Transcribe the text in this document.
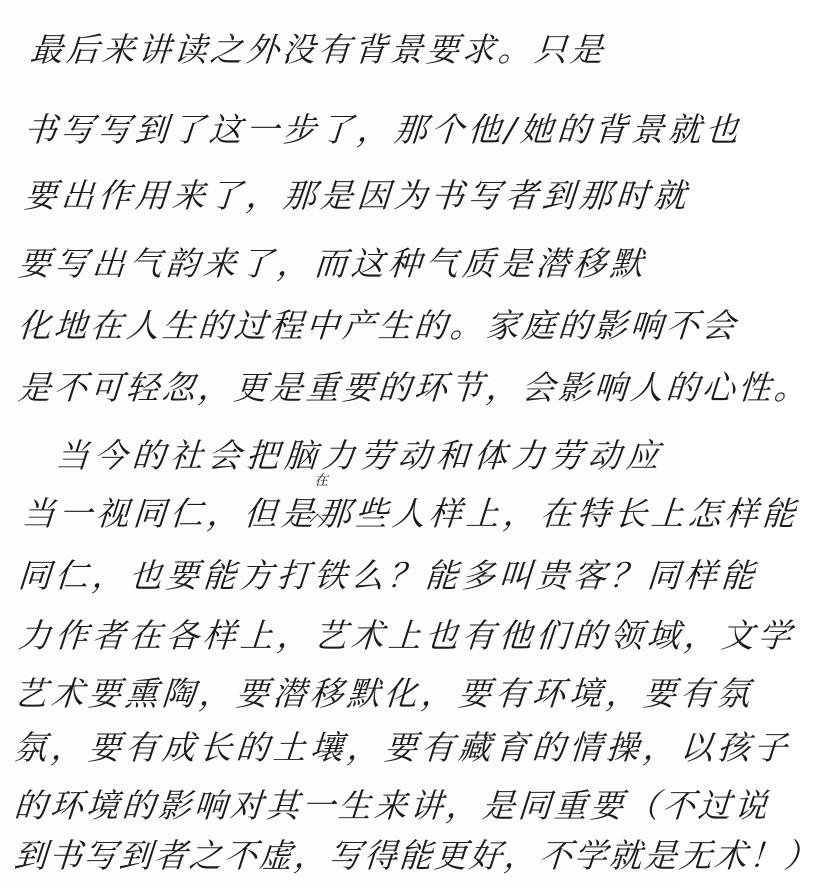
最后来讲读之外没有背景要求。只是
书写写到了这一步了，那个他/她的背景就也
要出作用来了，那是因为书写者到那时就
要写出气韵来了，而这种气质是潜移默
化地在人生的过程中产生的。家庭的影响不会
是不可轻忽，更是重要的环节，会影响人的心性。
当今的社会把脑力劳动和体力劳动应
当一视同仁，但是那些人样上，在特长上怎样能
同仁，也要能方打铁么？能多叫贵客？同样能
力作者在各样上，艺术上也有他们的领域，文学
艺术要熏陶，要潜移默化，要有环境，要有氛
氛，要有成长的土壤，要有藏育的情操，以孩子
的环境的影响对其一生来讲，是同重要（不过说
到书写到者之不虚，写得能更好，不学就是无术！）
在
